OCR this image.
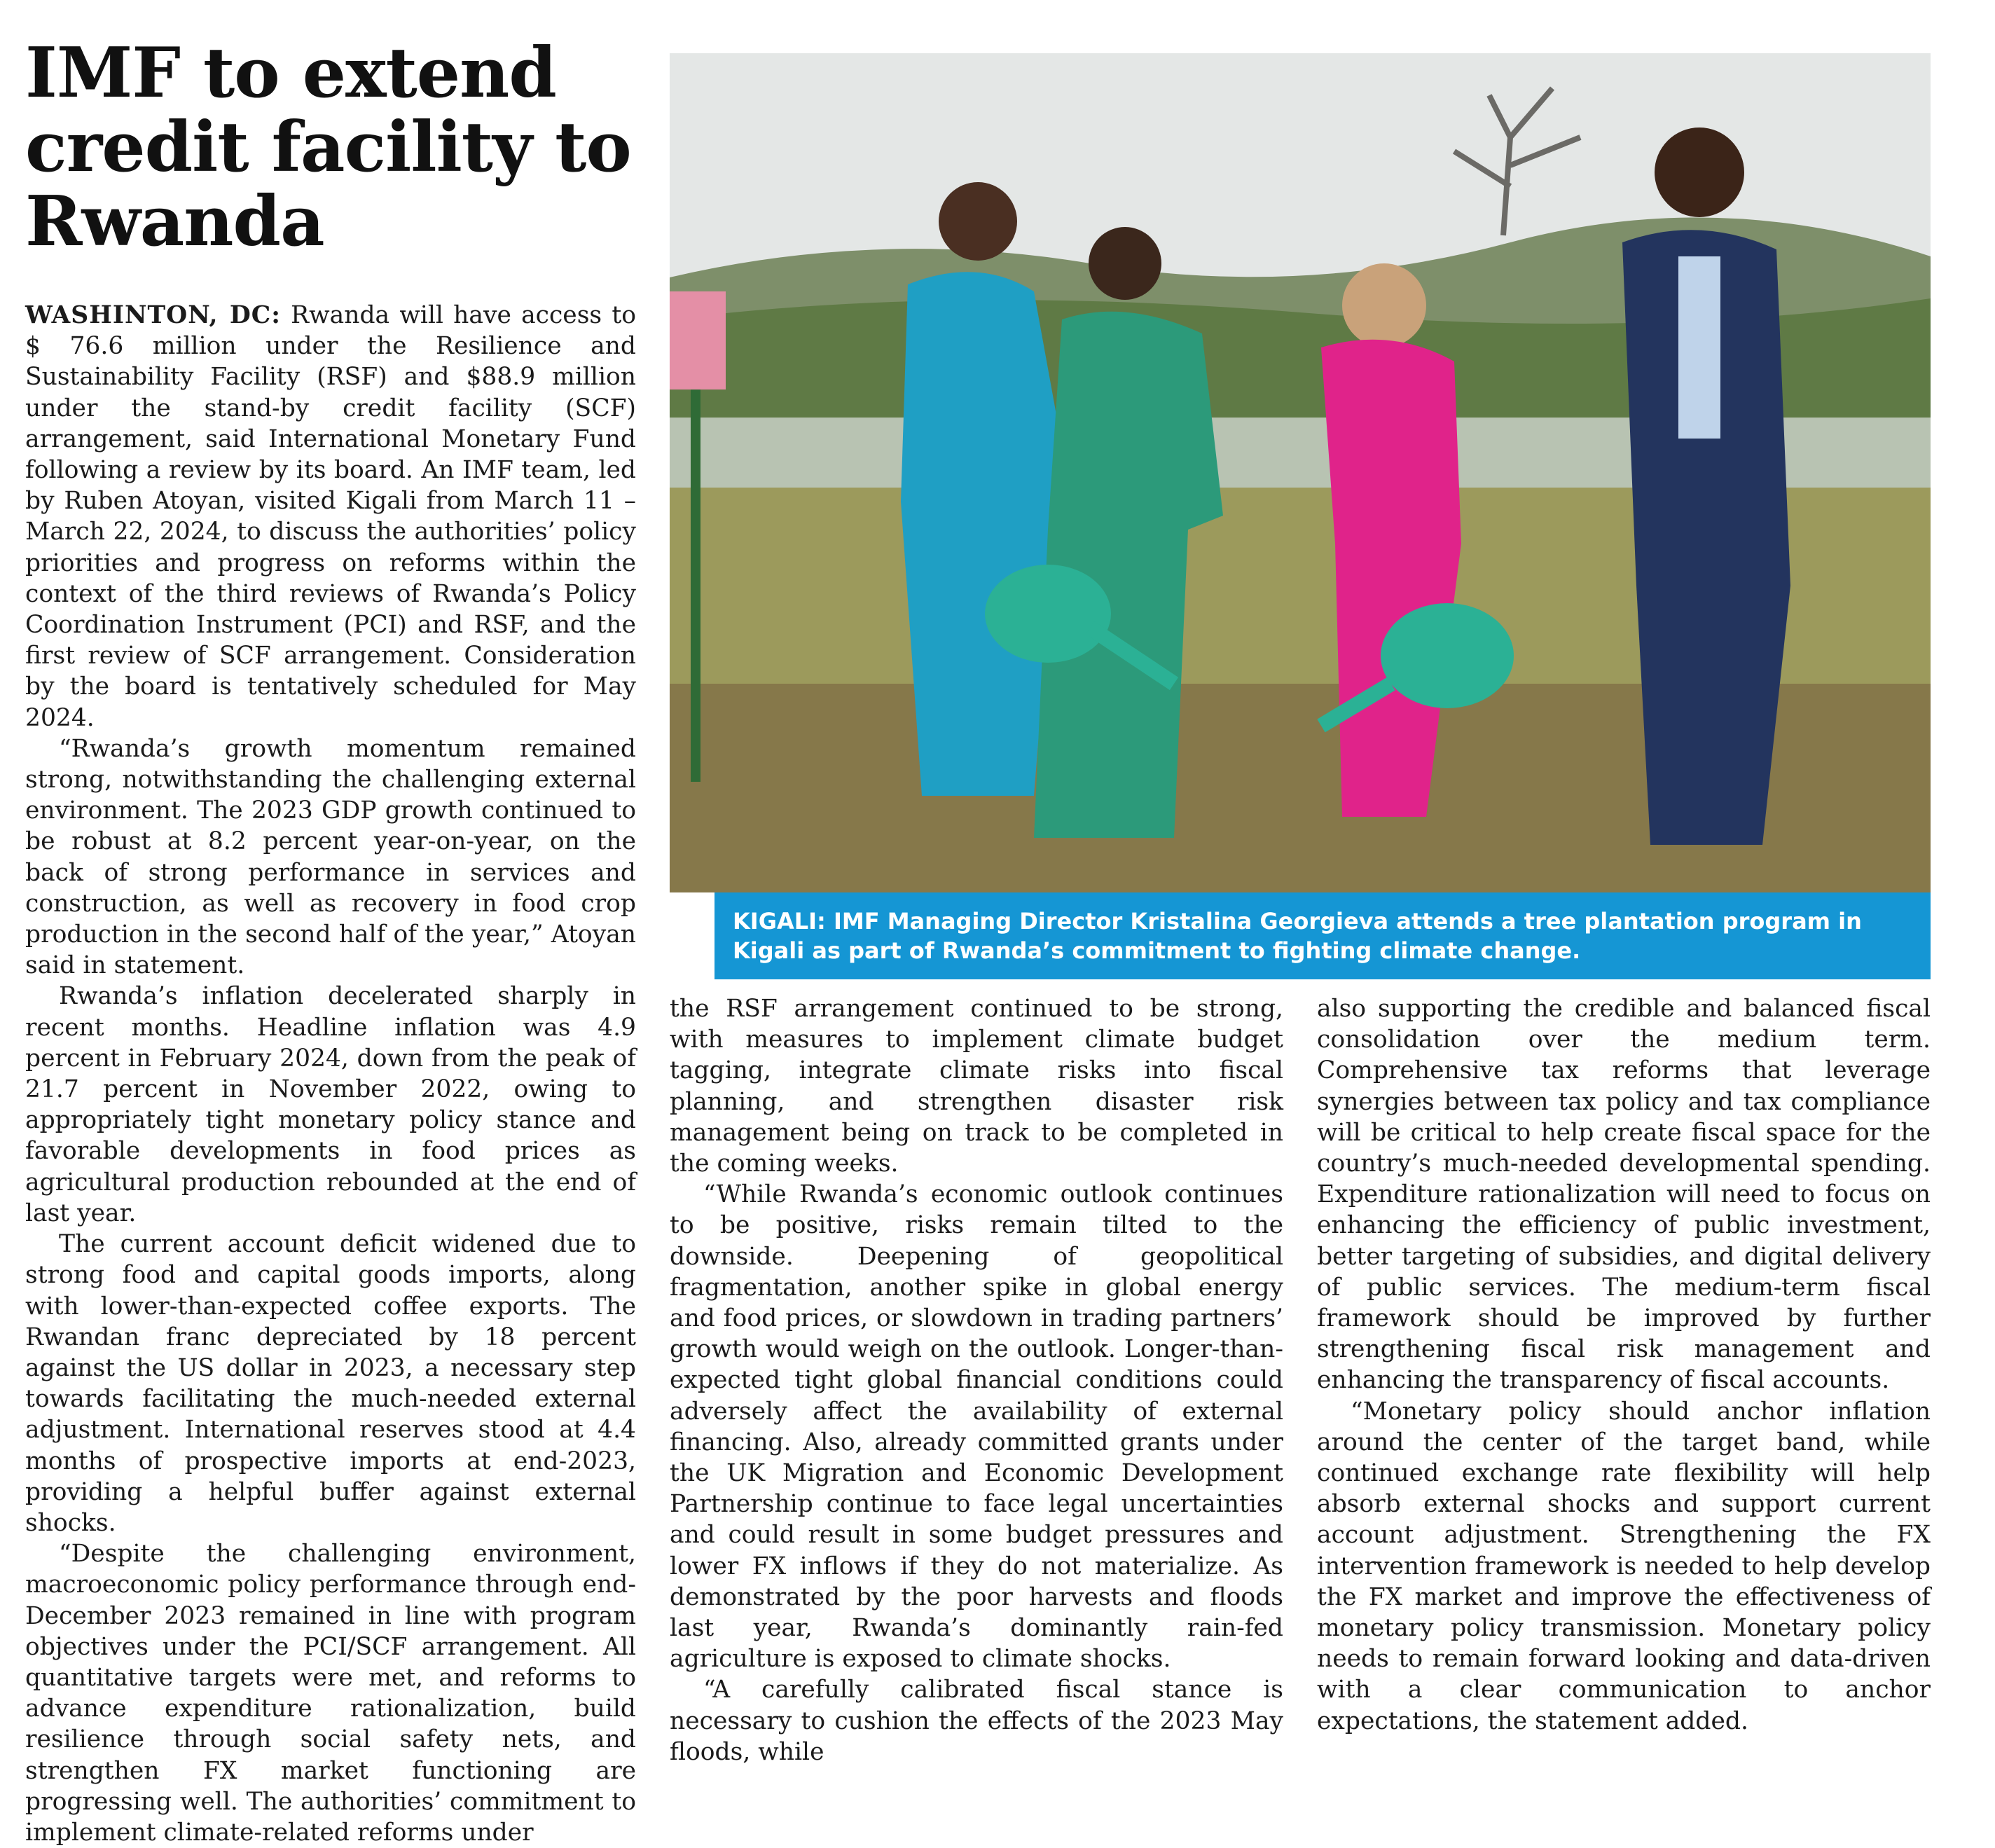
IMF to extend credit facility to Rwanda

WASHINTON, DC: Rwanda will have access to $ 76.6 million under the Resilience and Sustainability Facility (RSF) and $88.9 million under the stand-by credit facility (SCF) arrangement, said International Monetary Fund following a review by its board. An IMF team, led by Ruben Atoyan, visited Kigali from March 11 – March 22, 2024, to discuss the authorities’ policy priorities and progress on reforms within the context of the third reviews of Rwanda’s Policy Coordination Instrument (PCI) and RSF, and the first review of SCF arrangement. Consideration by the board is tentatively scheduled for May 2024.

“Rwanda’s growth momentum remained strong, notwithstanding the challenging external environment. The 2023 GDP growth continued to be robust at 8.2 percent year-on-year, on the back of strong performance in services and construction, as well as recovery in food crop production in the second half of the year,” Atoyan said in statement.

Rwanda’s inflation decelerated sharply in recent months. Headline inflation was 4.9 percent in February 2024, down from the peak of 21.7 percent in November 2022, owing to appropriately tight monetary policy stance and favorable developments in food prices as agricultural production rebounded at the end of last year.

The current account deficit widened due to strong food and capital goods imports, along with lower-than-expected coffee exports. The Rwandan franc depreciated by 18 percent against the US dollar in 2023, a necessary step towards facilitating the much-needed external adjustment. International reserves stood at 4.4 months of prospective imports at end-2023, providing a helpful buffer against external shocks.

“Despite the challenging environment, macroeconomic policy performance through end-December 2023 remained in line with program objectives under the PCI/SCF arrangement. All quantitative targets were met, and reforms to advance expenditure rationalization, build resilience through social safety nets, and strengthen FX market functioning are progressing well. The authorities’ commitment to implement climate-related reforms under

KIGALI: IMF Managing Director Kristalina Georgieva attends a tree plantation program in Kigali as part of Rwanda’s commitment to fighting climate change.

the RSF arrangement continued to be strong, with measures to implement climate budget tagging, integrate climate risks into fiscal planning, and strengthen disaster risk management being on track to be completed in the coming weeks.

“While Rwanda’s economic outlook continues to be positive, risks remain tilted to the downside. Deepening of geopolitical fragmentation, another spike in global energy and food prices, or slowdown in trading partners’ growth would weigh on the outlook. Longer-than-expected tight global financial conditions could adversely affect the availability of external financing. Also, already committed grants under the UK Migration and Economic Development Partnership continue to face legal uncertainties and could result in some budget pressures and lower FX inflows if they do not materialize. As demonstrated by the poor harvests and floods last year, Rwanda’s dominantly rain-fed agriculture is exposed to climate shocks.

“A carefully calibrated fiscal stance is necessary to cushion the effects of the 2023 May floods, while

also supporting the credible and balanced fiscal consolidation over the medium term. Comprehensive tax reforms that leverage synergies between tax policy and tax compliance will be critical to help create fiscal space for the country’s much-needed developmental spending. Expenditure rationalization will need to focus on enhancing the efficiency of public investment, better targeting of subsidies, and digital delivery of public services. The medium-term fiscal framework should be improved by further strengthening fiscal risk management and enhancing the transparency of fiscal accounts.

“Monetary policy should anchor inflation around the center of the target band, while continued exchange rate flexibility will help absorb external shocks and support current account adjustment. Strengthening the FX intervention framework is needed to help develop the FX market and improve the effectiveness of monetary policy transmission. Monetary policy needs to remain forward looking and data-driven with a clear communication to anchor expectations, the statement added.
